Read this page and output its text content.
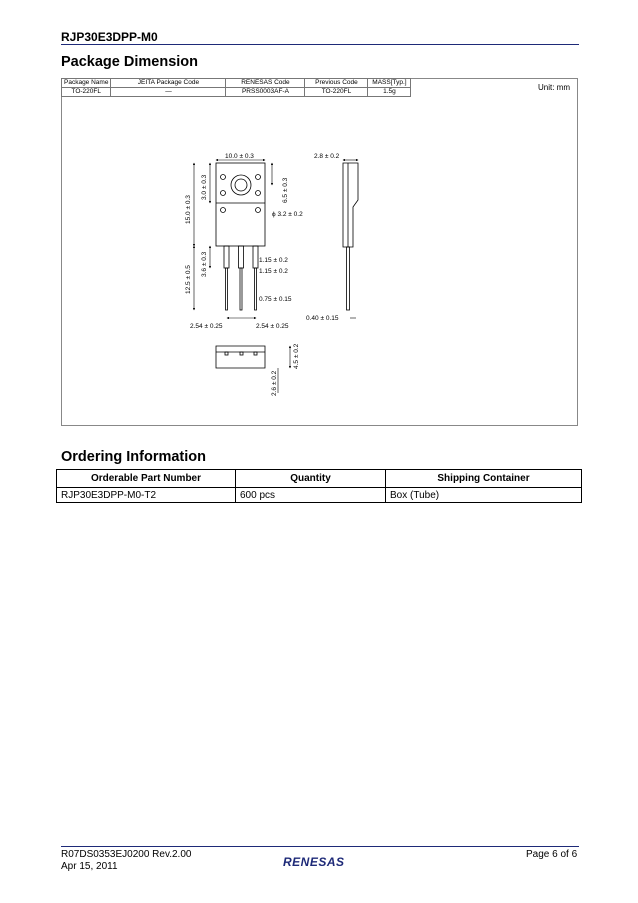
RJP30E3DPP-M0
Package Dimension
Package Name	JEITA Package Code	RENESAS Code	Previous Code	MASS[Typ.]
TO-220FL	—	PRSS0003AF-A	TO-220FL	1.5g	Unit: mm
10.0 ± 0.3	2.8 ± 0.2
ϕ 3.2 ± 0.2
1.15 ± 0.2
1.15 ± 0.2
0.75 ± 0.15
0.40 ± 0.15
2.54 ± 0.25	2.54 ± 0.25
3.0 ± 0.3	6.5 ± 0.3
15.0 ± 0.3
3.6 ± 0.3
12.5 ± 0.5
4.5 ± 0.2
2.6 ± 0.2
Ordering Information
Orderable Part Number	Quantity	Shipping Container
RJP30E3DPP-M0-T2	600 pcs	Box (Tube)
R07DS0353EJ0200 Rev.2.00
Apr 15, 2011	RENESAS
Page 6 of 6
